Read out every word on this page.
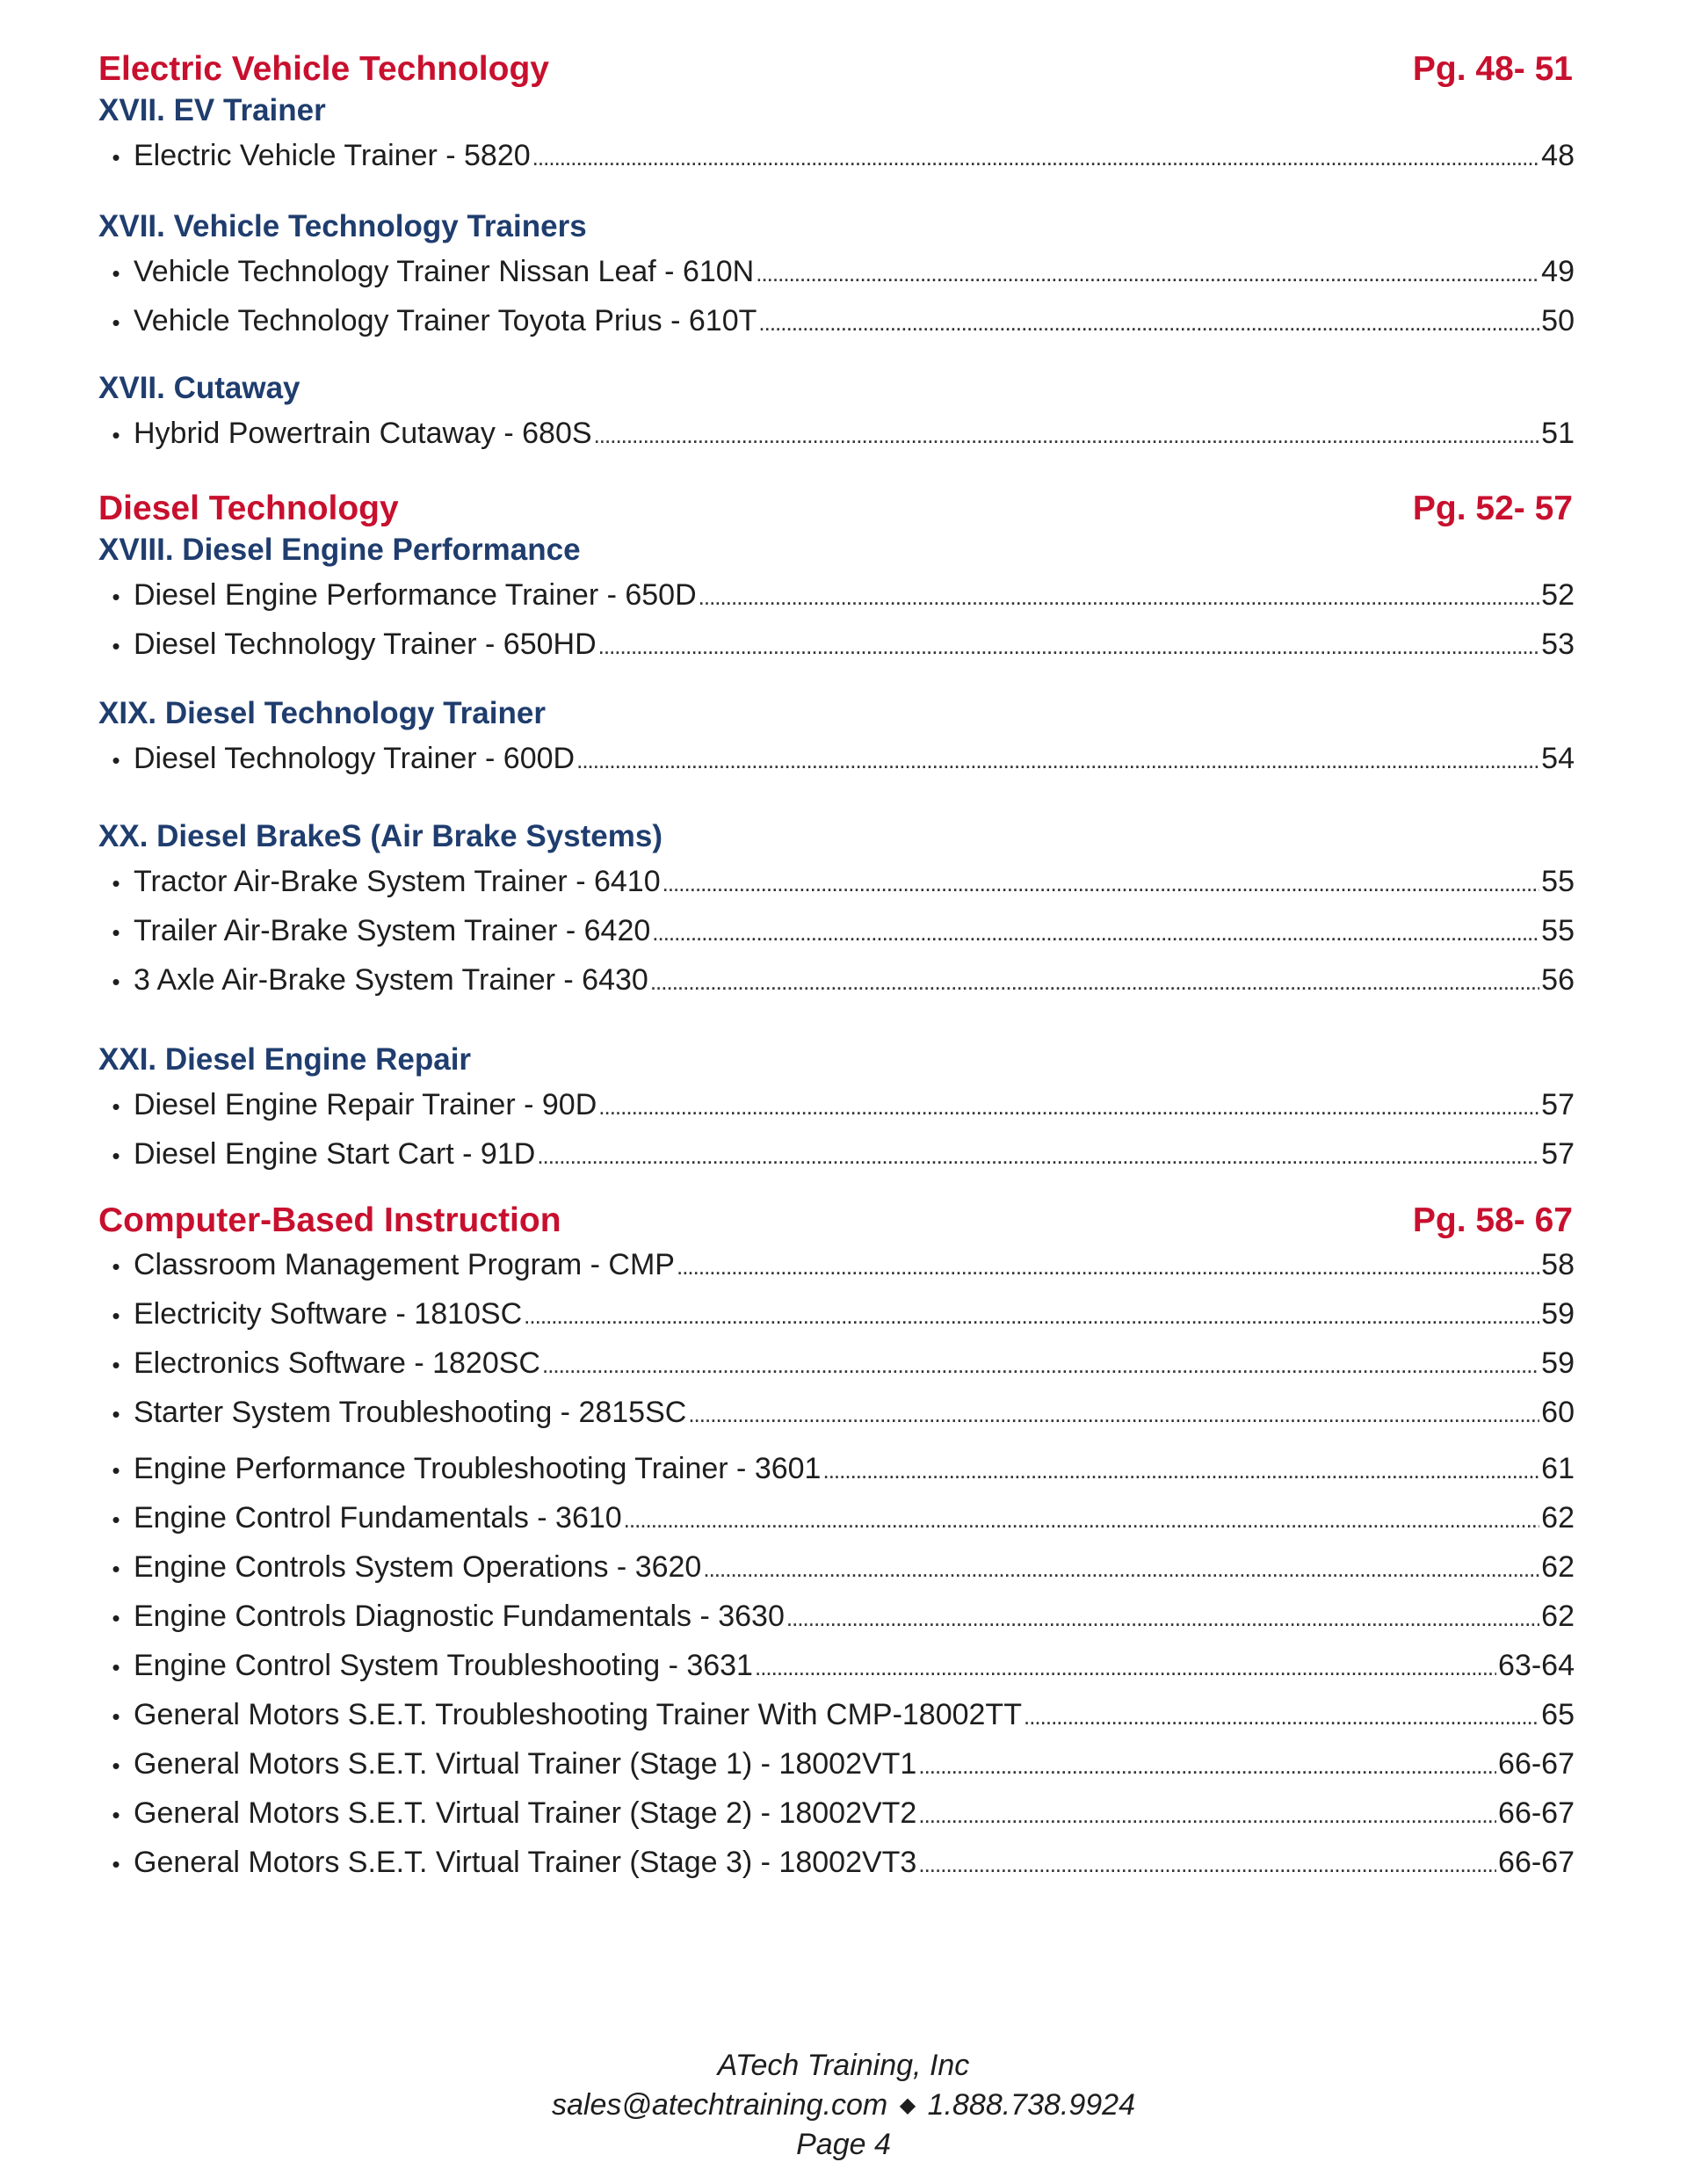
Electric Vehicle Technology	Pg. 48- 51
XVII. EV Trainer
• Electric Vehicle Trainer - 5820 .....	48
XVII. Vehicle Technology Trainers
• Vehicle Technology Trainer Nissan Leaf - 610N .....	49
• Vehicle Technology Trainer Toyota Prius - 610T .....	50
XVII. Cutaway
• Hybrid Powertrain Cutaway - 680S .....	51
Diesel Technology	Pg. 52- 57
XVIII. Diesel Engine Performance
• Diesel Engine Performance Trainer - 650D .....	52
• Diesel Technology Trainer - 650HD .....	53
XIX. Diesel Technology Trainer
• Diesel Technology Trainer - 600D .....	54
XX. Diesel BrakeS (Air Brake Systems)
• Tractor Air-Brake System Trainer - 6410 .....	55
• Trailer Air-Brake System Trainer - 6420 .....	55
• 3 Axle Air-Brake System Trainer - 6430 .....	56
XXI. Diesel Engine Repair
• Diesel Engine Repair Trainer - 90D .....	57
• Diesel Engine Start Cart - 91D .....	57
Computer-Based Instruction	Pg. 58- 67
• Classroom Management Program - CMP .....	58
• Electricity Software - 1810SC .....	59
• Electronics Software - 1820SC .....	59
• Starter System Troubleshooting - 2815SC .....	60
• Engine Performance Troubleshooting Trainer - 3601 .....	61
• Engine Control Fundamentals - 3610 .....	62
• Engine Controls System Operations - 3620 .....	62
• Engine Controls Diagnostic Fundamentals - 3630 .....	62
• Engine Control System Troubleshooting - 3631 .....	63-64
• General Motors S.E.T. Troubleshooting Trainer With CMP-18002TT .....	65
• General Motors S.E.T. Virtual Trainer (Stage 1) - 18002VT1 .....	66-67
• General Motors S.E.T. Virtual Trainer (Stage 2) - 18002VT2 .....	66-67
• General Motors S.E.T. Virtual Trainer (Stage 3) - 18002VT3 .....	66-67
ATech Training, Inc
sales@atechtraining.com ◆ 1.888.738.9924
Page 4
